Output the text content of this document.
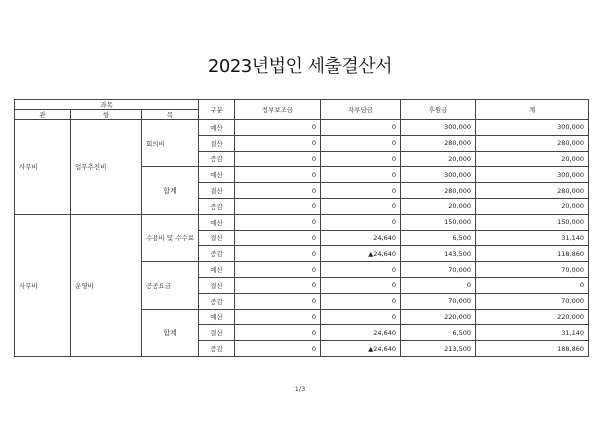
2023년법인 세출결산서
과목			구분	정부보조금	자부담금	후원금	계
관	항	목					
사무비	업무추진비	회의비	예산	0	0	300,000	300,000
			결산	0	0	280,000	280,000
			증감	0	0	20,000	20,000
		합계	예산	0	0	300,000	300,000
			결산	0	0	280,000	280,000
			증감	0	0	20,000	20,000
사무비	운영비	수용비 및 수수료	예산	0	0	150,000	150,000
			결산	0	24,640	6,500	31,140
			증감	0	▲24,640	143,500	118,860
		공공요금	예산	0	0	70,000	70,000
			결산	0	0	0	0
			증감	0	0	70,000	70,000
		합계	예산	0	0	220,000	220,000
			결산	0	24,640	6,500	31,140
			증감	0	▲24,640	213,500	188,860
1/3
